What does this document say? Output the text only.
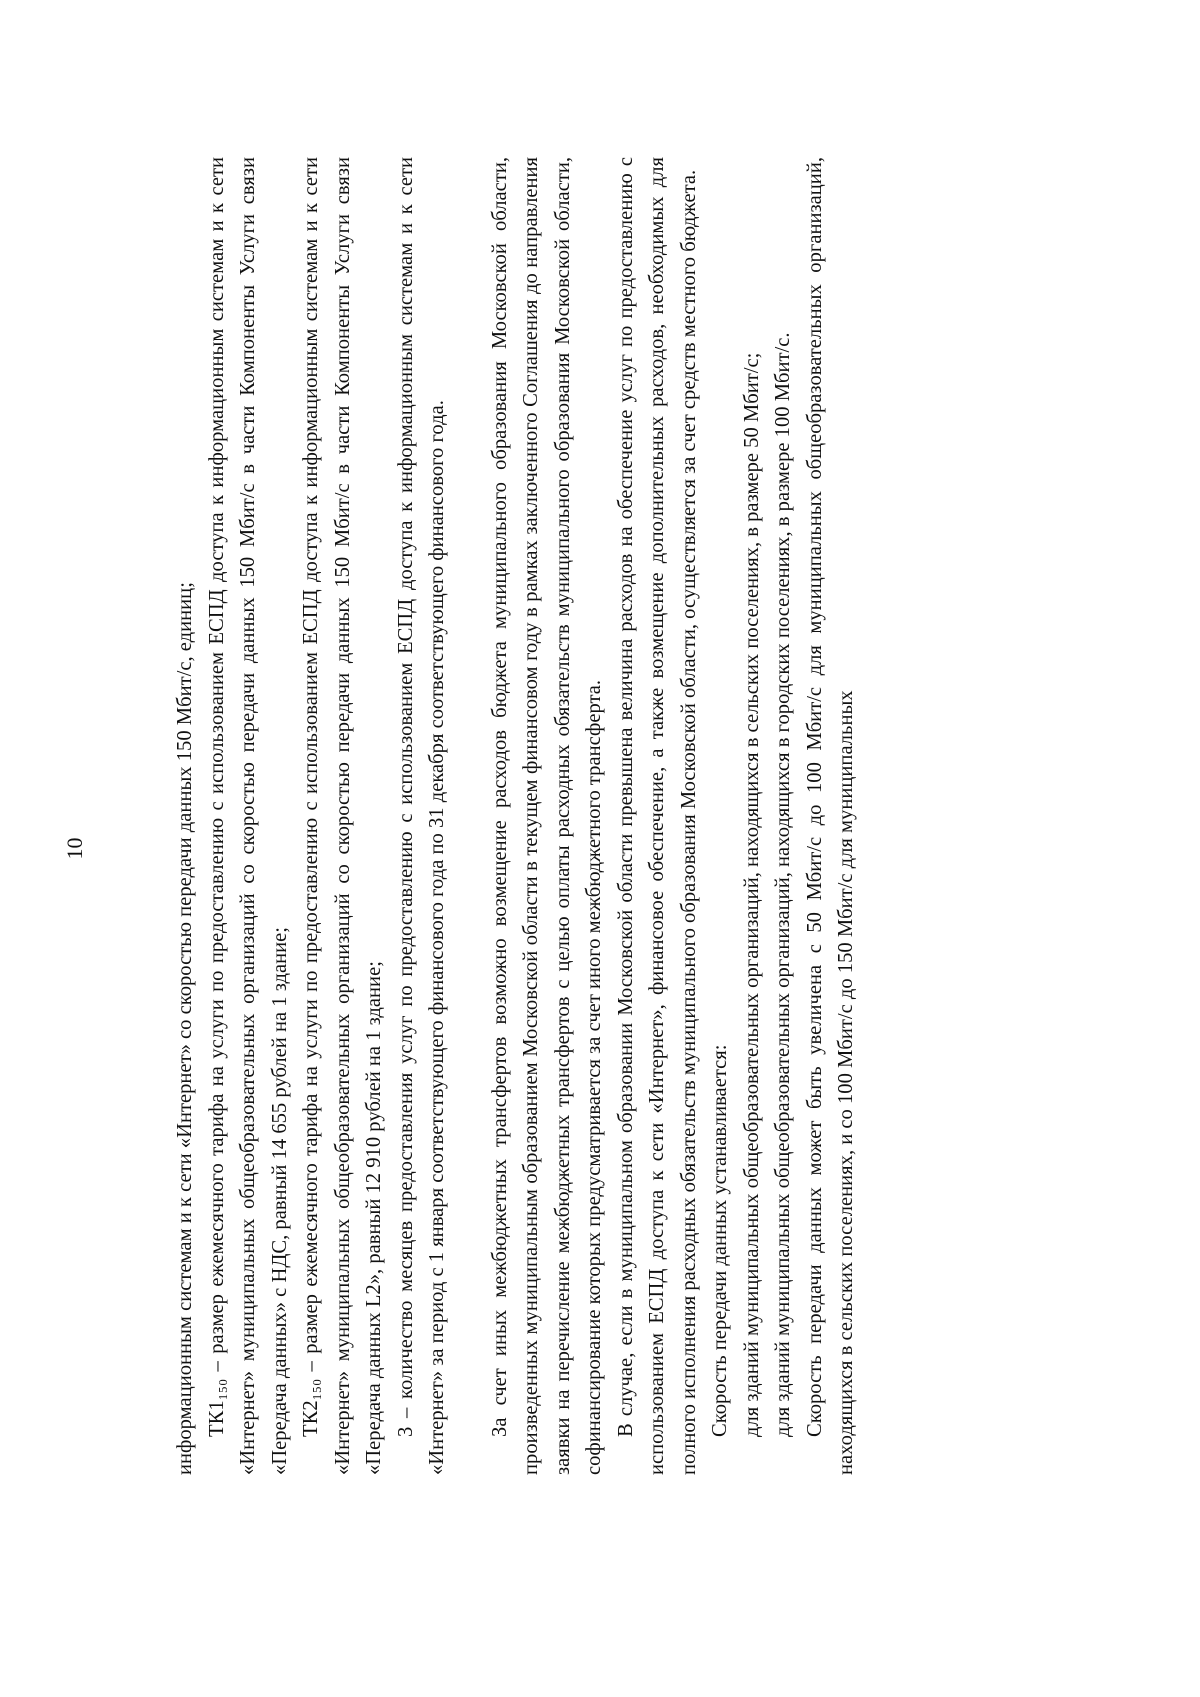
10	информационным системам и к сети «Интернет» со скоростью передачи данных 150 Мбит/с, единиц; ТК1₁₅₀ – размер ежемесячного тарифа на услуги по предоставлению с использованием ЕСПД доступа к информационным системам и к сети «Интернет» муниципальных общеобразовательных организаций со скоростью передачи данных 150 Мбит/с в части Компоненты Услуги связи «Передача данных» с НДС, равный 14 655 рублей на 1 здание; ТК2₁₅₀ – размер ежемесячного тарифа на услуги по предоставлению с использованием ЕСПД доступа к информационным системам и к сети «Интернет» муниципальных общеобразовательных организаций со скоростью передачи данных 150 Мбит/с в части Компоненты Услуги связи «Передача данных L2», равный 12 910 рублей на 1 здание; 3 – количество месяцев предоставления услуг по предоставлению с использованием ЕСПД доступа к информационным системам и к сети «Интернет» за период с 1 января соответствующего финансового года по 31 декабря соответствующего финансового года. За счет иных межбюджетных трансфертов возможно возмещение расходов бюджета муниципального образования Московской области, произведенных муниципальным образованием Московской области в текущем финансовом году в рамках заключенного Соглашения до направления заявки на перечисление межбюджетных трансфертов с целью оплаты расходных обязательств муниципального образования Московской области, софинансирование которых предусматривается за счет иного межбюджетного трансферта. В случае, если в муниципальном образовании Московской области превышена величина расходов на обеспечение услуг по предоставлению с использованием ЕСПД доступа к сети «Интернет», финансовое обеспечение, а также возмещение дополнительных расходов, необходимых для полного исполнения расходных обязательств муниципального образования Московской области, осуществляется за счет средств местного бюджета. Скорость передачи данных устанавливается: для зданий муниципальных общеобразовательных организаций, находящихся в сельских поселениях, в размере 50 Мбит/с; для зданий муниципальных общеобразовательных организаций, находящихся в городских поселениях, в размере 100 Мбит/с. Скорость передачи данных может быть увеличена с 50 Мбит/с до 100 Мбит/с для муниципальных общеобразовательных организаций, находящихся в сельских поселениях, и со 100 Мбит/с до 150 Мбит/с для муниципальных
